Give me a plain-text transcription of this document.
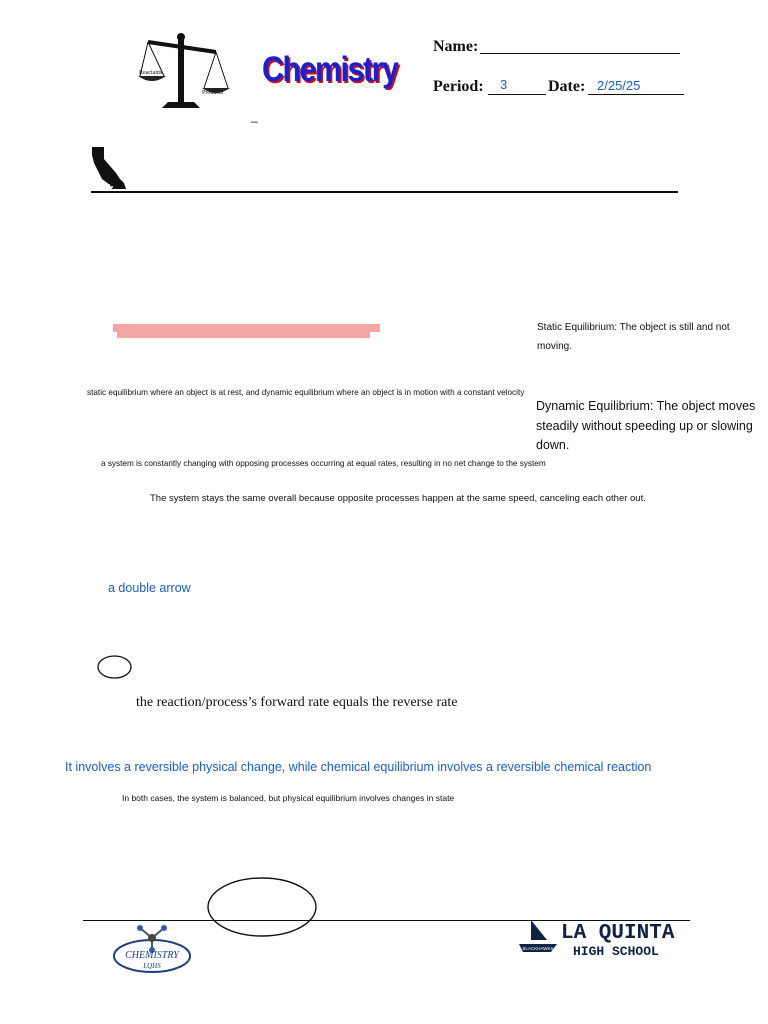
Reactants
Products
Chemistry
Name:
Period: 3	Date: 2/25/25
_
Static Equilibrium: The object is still and not moving.
static equilibrium where an object is at rest, and dynamic equilibrium where an object is in motion with a constant velocity
Dynamic Equilibrium: The object moves steadily without speeding up or slowing down.
a system is constantly changing with opposing processes occurring at equal rates, resulting in no net change to the system
The system stays the same overall because opposite processes happen at the same speed, canceling each other out.
a double arrow
the reaction/process’s forward rate equals the reverse rate
It involves a reversible physical change, while chemical equilibrium involves a reversible chemical reaction
In both cases, the system is balanced, but physical equilibrium involves changes in state
CHEMISTRY
LQHS
BLACKHAWKS
LA QUINTA
HIGH SCHOOL
